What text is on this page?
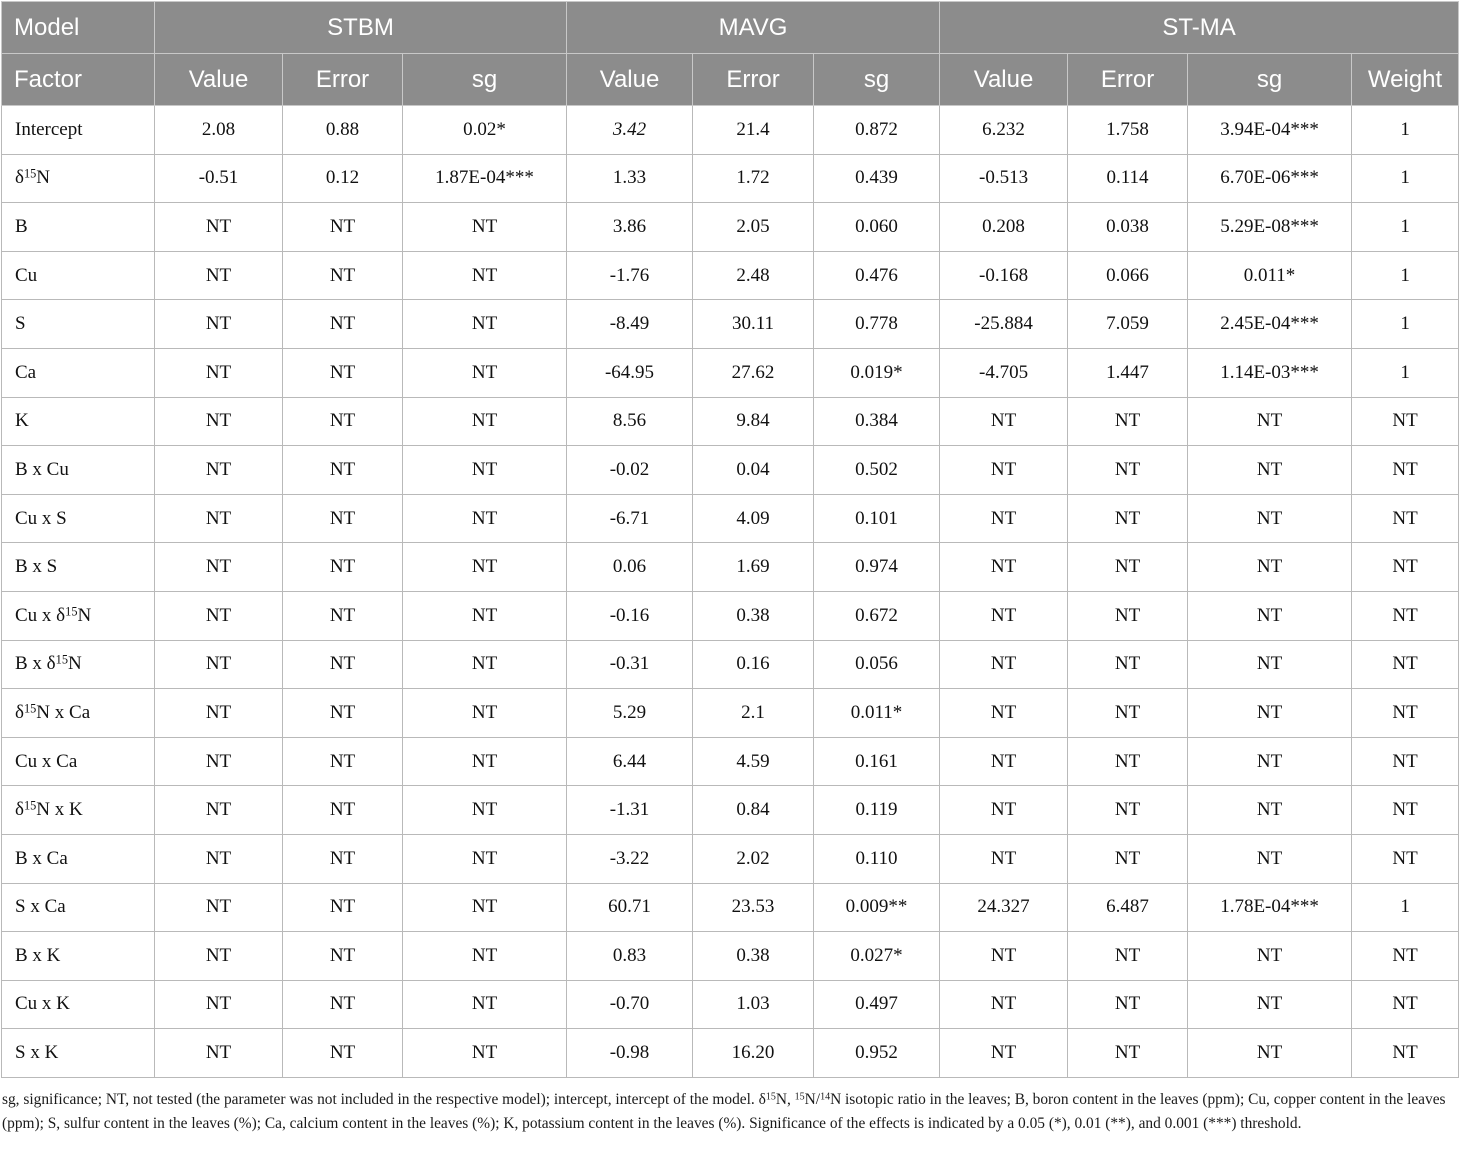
Model	STBM			MAVG			ST-MA			
Factor	Value	Error	sg	Value	Error	sg	Value	Error	sg	Weight
Intercept	2.08	0.88	0.02*	3.42	21.4	0.872	6.232	1.758	3.94E-04***	1
$\delta^{15}N$	-0.51	0.12	1.87E-04***	1.33	1.72	0.439	-0.513	0.114	6.70E-06***	1
B	NT	NT	NT	3.86	2.05	0.060	0.208	0.038	5.29E-08***	1
Cu	NT	NT	NT	-1.76	2.48	0.476	-0.168	0.066	0.011*	1
S	NT	NT	NT	-8.49	30.11	0.778	-25.884	7.059	2.45E-04***	1
Ca	NT	NT	NT	-64.95	27.62	0.019*	-4.705	1.447	1.14E-03***	1
K	NT	NT	NT	8.56	9.84	0.384	NT	NT	NT	NT
B x Cu	NT	NT	NT	-0.02	0.04	0.502	NT	NT	NT	NT
Cu x S	NT	NT	NT	-6.71	4.09	0.101	NT	NT	NT	NT
B x S	NT	NT	NT	0.06	1.69	0.974	NT	NT	NT	NT
Cu x $\delta^{15}N$	NT	NT	NT	-0.16	0.38	0.672	NT	NT	NT	NT
B x $\delta^{15}N$	NT	NT	NT	-0.31	0.16	0.056	NT	NT	NT	NT
$\delta^{15}N$ x Ca	NT	NT	NT	5.29	2.1	0.011*	NT	NT	NT	NT
Cu x Ca	NT	NT	NT	6.44	4.59	0.161	NT	NT	NT	NT
$\delta^{15}N$ x K	NT	NT	NT	-1.31	0.84	0.119	NT	NT	NT	NT
B x Ca	NT	NT	NT	-3.22	2.02	0.110	NT	NT	NT	NT
S x Ca	NT	NT	NT	60.71	23.53	0.009**	24.327	6.487	1.78E-04***	1
B x K	NT	NT	NT	0.83	0.38	0.027*	NT	NT	NT	NT
Cu x K	NT	NT	NT	-0.70	1.03	0.497	NT	NT	NT	NT
S x K	NT	NT	NT	-0.98	16.20	0.952	NT	NT	NT	NT

sg, significance; NT, not tested (the parameter was not included in the respective model); intercept, intercept of the model. $\delta^{15}N$, $^{15}$N/$^{14}$N isotopic ratio in the leaves; B, boron content in the leaves (ppm); Cu, copper content in the leaves (ppm); S, sulfur content in the leaves (%); Ca, calcium content in the leaves (%); K, potassium content in the leaves (%). Significance of the effects is indicated by a 0.05 (*), 0.01 (**), and 0.001 (***) threshold.
